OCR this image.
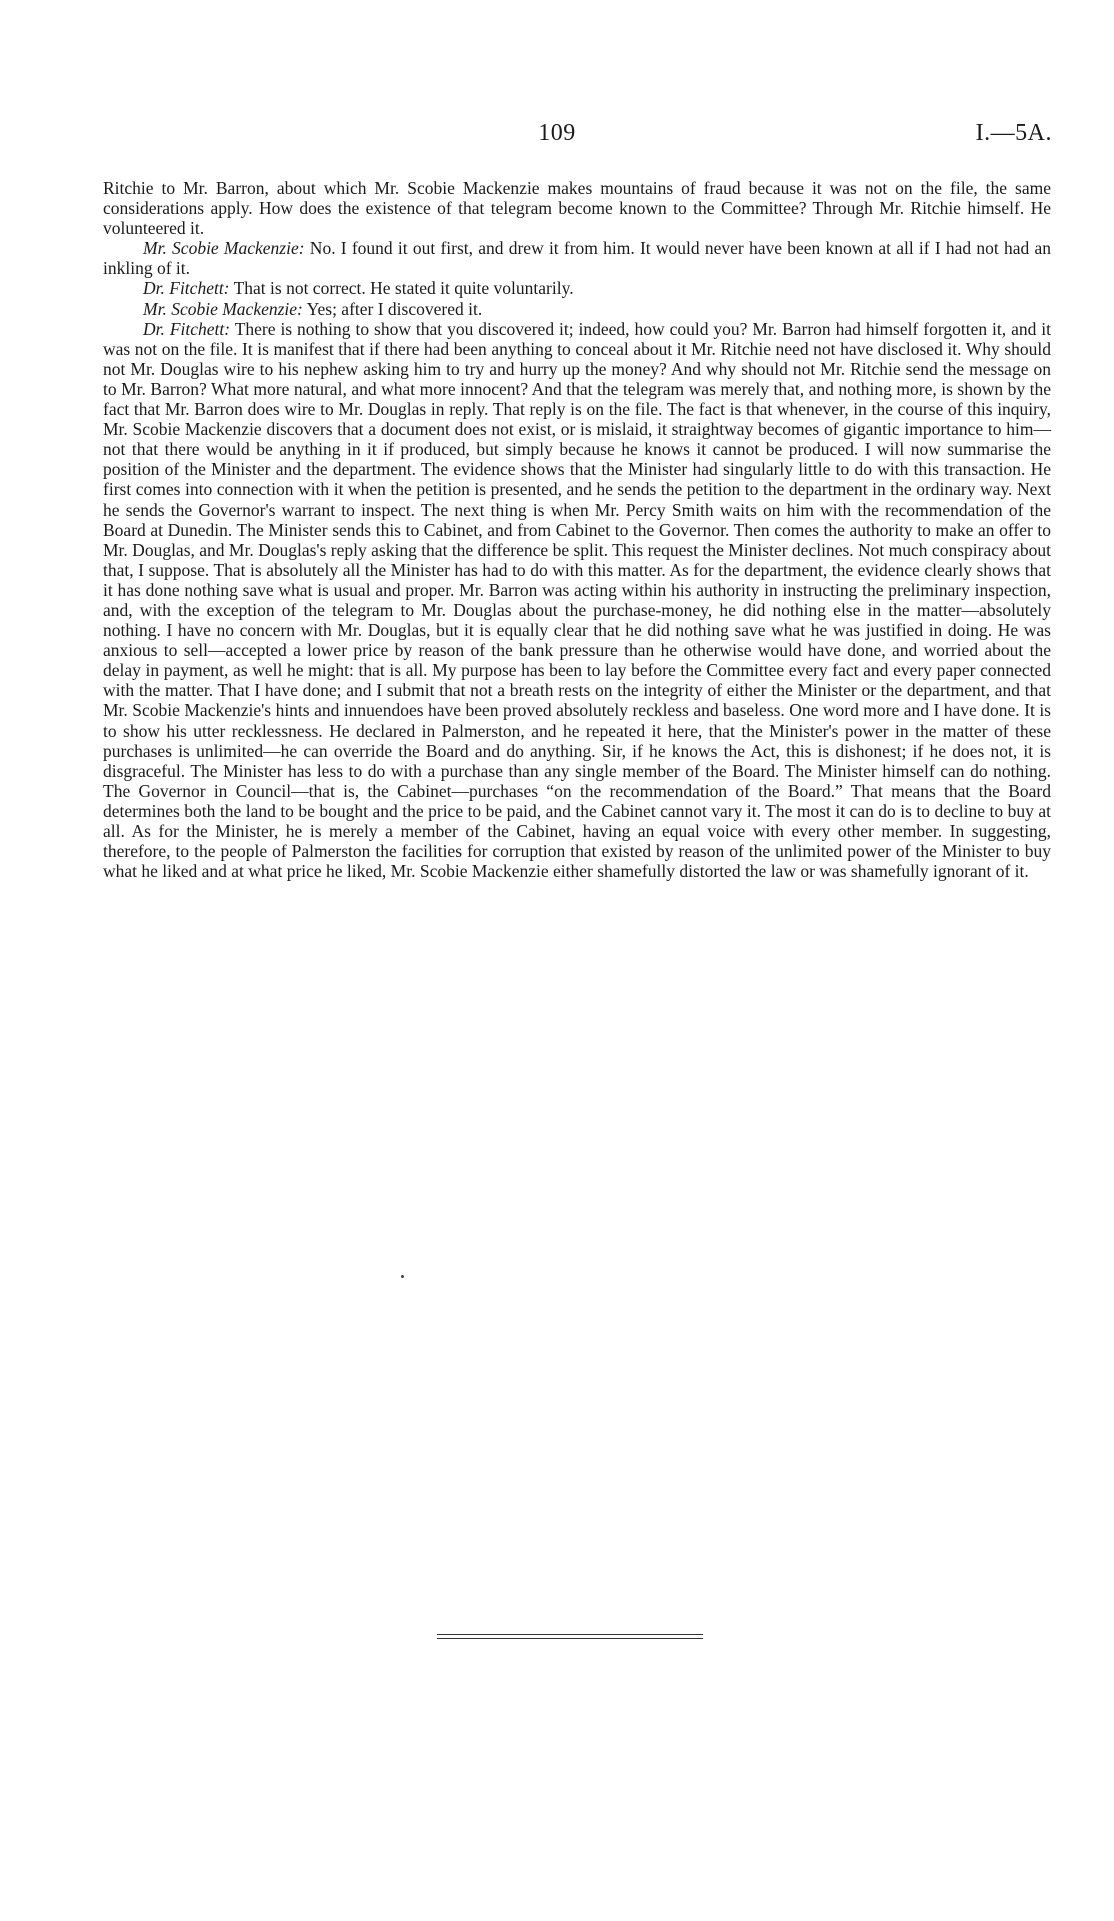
109	I.—5A.

Ritchie to Mr. Barron, about which Mr. Scobie Mackenzie makes mountains of fraud because it was not on the file, the same considerations apply. How does the existence of that telegram become known to the Committee? Through Mr. Ritchie himself. He volunteered it.

Mr. Scobie Mackenzie: No. I found it out first, and drew it from him. It would never have been known at all if I had not had an inkling of it.

Dr. Fitchett: That is not correct. He stated it quite voluntarily.

Mr. Scobie Mackenzie: Yes; after I discovered it.

Dr. Fitchett: There is nothing to show that you discovered it; indeed, how could you? Mr. Barron had himself forgotten it, and it was not on the file. It is manifest that if there had been anything to conceal about it Mr. Ritchie need not have disclosed it. Why should not Mr. Douglas wire to his nephew asking him to try and hurry up the money? And why should not Mr. Ritchie send the message on to Mr. Barron? What more natural, and what more innocent? And that the telegram was merely that, and nothing more, is shown by the fact that Mr. Barron does wire to Mr. Douglas in reply. That reply is on the file. The fact is that whenever, in the course of this inquiry, Mr. Scobie Mackenzie discovers that a document does not exist, or is mislaid, it straightway becomes of gigantic importance to him—not that there would be anything in it if produced, but simply because he knows it cannot be produced. I will now summarise the position of the Minister and the department. The evidence shows that the Minister had singularly little to do with this transaction. He first comes into connection with it when the petition is presented, and he sends the petition to the department in the ordinary way. Next he sends the Governor's warrant to inspect. The next thing is when Mr. Percy Smith waits on him with the recommendation of the Board at Dunedin. The Minister sends this to Cabinet, and from Cabinet to the Governor. Then comes the authority to make an offer to Mr. Douglas, and Mr. Douglas's reply asking that the difference be split. This request the Minister declines. Not much conspiracy about that, I suppose. That is absolutely all the Minister has had to do with this matter. As for the department, the evidence clearly shows that it has done nothing save what is usual and proper. Mr. Barron was acting within his authority in instructing the preliminary inspection, and, with the exception of the telegram to Mr. Douglas about the purchase-money, he did nothing else in the matter—absolutely nothing. I have no concern with Mr. Douglas, but it is equally clear that he did nothing save what he was justified in doing. He was anxious to sell—accepted a lower price by reason of the bank pressure than he otherwise would have done, and worried about the delay in payment, as well he might: that is all. My purpose has been to lay before the Committee every fact and every paper connected with the matter. That I have done; and I submit that not a breath rests on the integrity of either the Minister or the department, and that Mr. Scobie Mackenzie's hints and innuendoes have been proved absolutely reckless and baseless. One word more and I have done. It is to show his utter recklessness. He declared in Palmerston, and he repeated it here, that the Minister's power in the matter of these purchases is unlimited—he can override the Board and do anything. Sir, if he knows the Act, this is dishonest; if he does not, it is disgraceful. The Minister has less to do with a purchase than any single member of the Board. The Minister himself can do nothing. The Governor in Council—that is, the Cabinet—purchases “on the recommendation of the Board.” That means that the Board determines both the land to be bought and the price to be paid, and the Cabinet cannot vary it. The most it can do is to decline to buy at all. As for the Minister, he is merely a member of the Cabinet, having an equal voice with every other member. In suggesting, therefore, to the people of Palmerston the facilities for corruption that existed by reason of the unlimited power of the Minister to buy what he liked and at what price he liked, Mr. Scobie Mackenzie either shamefully distorted the law or was shamefully ignorant of it.
